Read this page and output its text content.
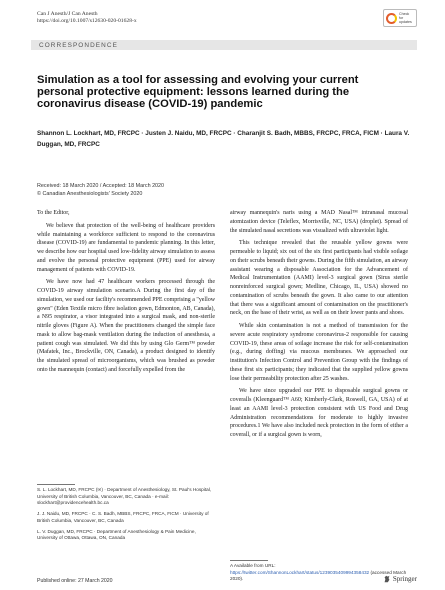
Can J Anesth/J Can Anesth
https://doi.org/10.1007/s12630-020-01628-x
Check for updates
CORRESPONDENCE
Simulation as a tool for assessing and evolving your current personal protective equipment: lessons learned during the coronavirus disease (COVID-19) pandemic
Shannon L. Lockhart, MD, FRCPC · Justen J. Naidu, MD, FRCPC · Charanjit S. Badh, MBBS, FRCPC, FRCA, FICM · Laura V. Duggan, MD, FRCPC
Received: 18 March 2020 / Accepted: 18 March 2020
© Canadian Anesthesiologists' Society 2020

To the Editor,

We believe that protection of the well-being of healthcare providers while maintaining a workforce sufficient to respond to the coronavirus disease (COVID-19) are fundamental to pandemic planning. In this letter, we describe how our hospital used low-fidelity airway simulation to assess and evolve the personal protective equipment (PPE) used for airway management of patients with COVID-19.

We have now had 47 healthcare workers processed through the COVID-19 airway simulation scenario.A During the first day of the simulation, we used our facility's recommended PPE comprising a "yellow gown" (Eden Textile micro fibre isolation gown, Edmonton, AB, Canada), a N95 respirator, a visor integrated into a surgical mask, and non-sterile nitrile gloves (Figure A). When the practitioners changed the simple face mask to allow bag-mask ventilation during the induction of anesthesia, a patient cough was simulated. We did this by using Glo Germ™ powder (Mafatek, Inc., Brockville, ON, Canada), a product designed to identify the simulated spread of microorganisms, which was brushed as powder onto the mannequin (contact) and forcefully expelled from the

airway mannequin's naris using a MAD Nasal™ intranasal mucosal atomization device (Teleflex, Morrisville, NC, USA) (droplet). Spread of the simulated nasal secretions was visualized with ultraviolet light.

This technique revealed that the reusable yellow gowns were permeable to liquid; six out of the six first participants had visible soilage on their scrubs beneath their gowns. During the fifth simulation, an airway assistant wearing a disposable Association for the Advancement of Medical Instrumentation (AAMI) level-3 surgical gown (Sirus sterile nonreinforced surgical gown; Medline, Chicago, IL, USA) showed no contamination of scrubs beneath the gown. It also came to our attention that there was a significant amount of contamination on the practitioner's neck, on the base of their wrist, as well as on their lower pants and shoes.

While skin contamination is not a method of transmission for the severe acute respiratory syndrome coronavirus-2 responsible for causing COVID-19, these areas of soilage increase the risk for self-contamination (e.g., during doffing) via mucous membranes. We approached our institution's Infection Control and Prevention Group with the findings of these first six participants; they indicated that the supplied yellow gowns lose their permeability protection after 25 washes.

We have since upgraded our PPE to disposable surgical gowns or coveralls (Kleenguard™ A60; Kimberly-Clark, Roswell, GA, USA) of at least an AAMI level-3 protection consistent with US Food and Drug Administration recommendations for moderate to highly invasive procedures.1 We have also included neck protection in the form of either a coverall, or if a surgical gown is worn,

S. L. Lockhart, MD, FRCPC (✉) · Department of Anesthesiology, St. Paul's Hospital, University of British Columbia, Vancouver, BC, Canada · e-mail: slockhart@providencehealth.bc.ca
J. J. Naidu, MD, FRCPC · C. S. Badh, MBBS, FRCPC, FRCA, FICM · University of British Columbia, Vancouver, BC, Canada
L. V. Duggan, MD, FRCPC · Department of Anesthesiology & Pain Medicine, University of Ottawa, Ottawa, ON, Canada
A Available from URL: https://twitter.com/ShannonLockhart/status/1239035409994358432 (accessed March 2020).
Published online: 27 March 2020	Springer
